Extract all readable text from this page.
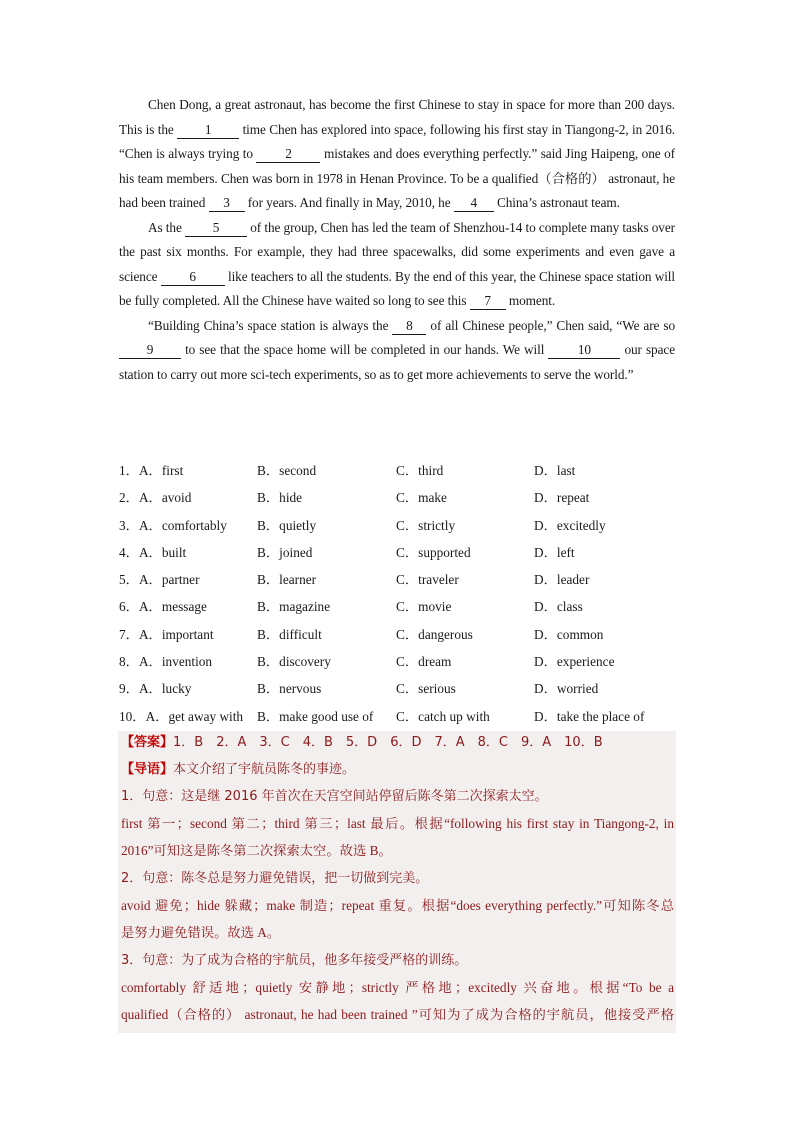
Chen Dong, a great astronaut, has become the first Chinese to stay in space for more than 200 days. This is the 1 time Chen has explored into space, following his first stay in Tiangong-2, in 2016. “Chen is always trying to 2 mistakes and does everything perfectly.” said Jing Haipeng, one of his team members. Chen was born in 1978 in Henan Province. To be a qualified（合格的） astronaut, he had been trained 3 for years. And finally in May, 2010, he 4 China’s astronaut team.

As the 5 of the group, Chen has led the team of Shenzhou-14 to complete many tasks over the past six months. For example, they had three spacewalks, did some experiments and even gave a science 6 like teachers to all the students. By the end of this year, the Chinese space station will be fully completed. All the Chinese have waited so long to see this 7 moment.

“Building China’s space station is always the 8 of all Chinese people,” Chen said, “We are so 9 to see that the space home will be completed in our hands. We will 10 our space station to carry out more sci-tech experiments, so as to get more achievements to serve the world.”

1．A．first	B．second	C．third	D．last
2．A．avoid	B．hide	C．make	D．repeat
3．A．comfortably B．quietly	C．strictly	D．excitedly
4．A．built	B．joined	C．supported	D．left
5．A．partner	B．learner	C．traveler	D．leader
6．A．message	B．magazine	C．movie	D．class
7．A．important	B．difficult	C．dangerous	D．common
8．A．invention	B．discovery	C．dream	D．experience
9．A．lucky	B．nervous	C．serious	D．worried
10．A．get away with B．make good use of C．catch up with	D．take the place of
【答案】1．B　2．A　3．C　4．B　5．D　6．D　7．A　8．C　9．A　10．B
【导语】本文介绍了宇航员陈冬的事迹。
1．句意：这是继 2016 年首次在天宫空间站停留后陈冬第二次探索太空。
first 第一；second 第二；third 第三；last 最后。根据“following his first stay in Tiangong-2, in
2016”可知这是陈冬第二次探索太空。故选 B。
2．句意：陈冬总是努力避免错误，把一切做到完美。
avoid 避免；hide 躲藏；make 制造；repeat 重复。根据“does everything perfectly.”可知陈冬总
是努力避免错误。故选 A。
3．句意：为了成为合格的宇航员，他多年接受严格的训练。
comfortably 舒适地；quietly 安静地；strictly 严格地；excitedly 兴奋地。根据“To be a
qualified（合格的） astronaut, he had been trained ”可知为了成为合格的宇航员，他接受严格
